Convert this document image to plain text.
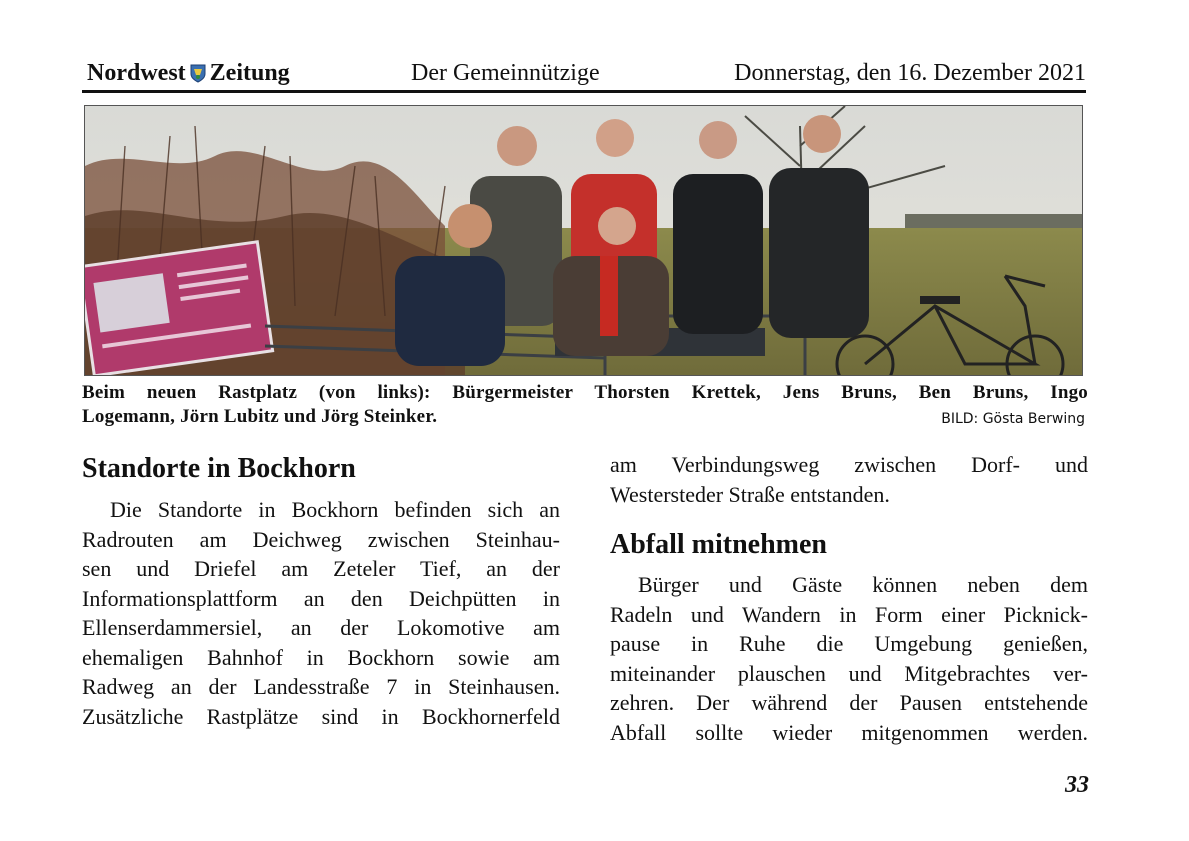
Nordwest Zeitung	Der Gemeinnützige	Donnerstag, den 16. Dezember 2021
Beim neuen Rastplatz (von links): Bürgermeister Thorsten Krettek, Jens Bruns, Ben Bruns, Ingo
Logemann, Jörn Lubitz und Jörg Steinker.	BILD: Gösta Berwing
Standorte in Bockhorn
Die Standorte in Bockhorn befinden sich an
Radrouten am Deichweg zwischen Steinhau-
sen und Driefel am Zeteler Tief, an der
Informationsplattform an den Deichpütten in
Ellenserdammersiel, an der Lokomotive am
ehemaligen Bahnhof in Bockhorn sowie am
Radweg an der Landesstraße 7 in Steinhausen.
Zusätzliche Rastplätze sind in Bockhornerfeld
am Verbindungsweg zwischen Dorf- und
Westersteder Straße entstanden.
Abfall mitnehmen
Bürger und Gäste können neben dem
Radeln und Wandern in Form einer Picknick-
pause in Ruhe die Umgebung genießen,
miteinander plauschen und Mitgebrachtes ver-
zehren. Der während der Pausen entstehende
Abfall sollte wieder mitgenommen werden.
33
